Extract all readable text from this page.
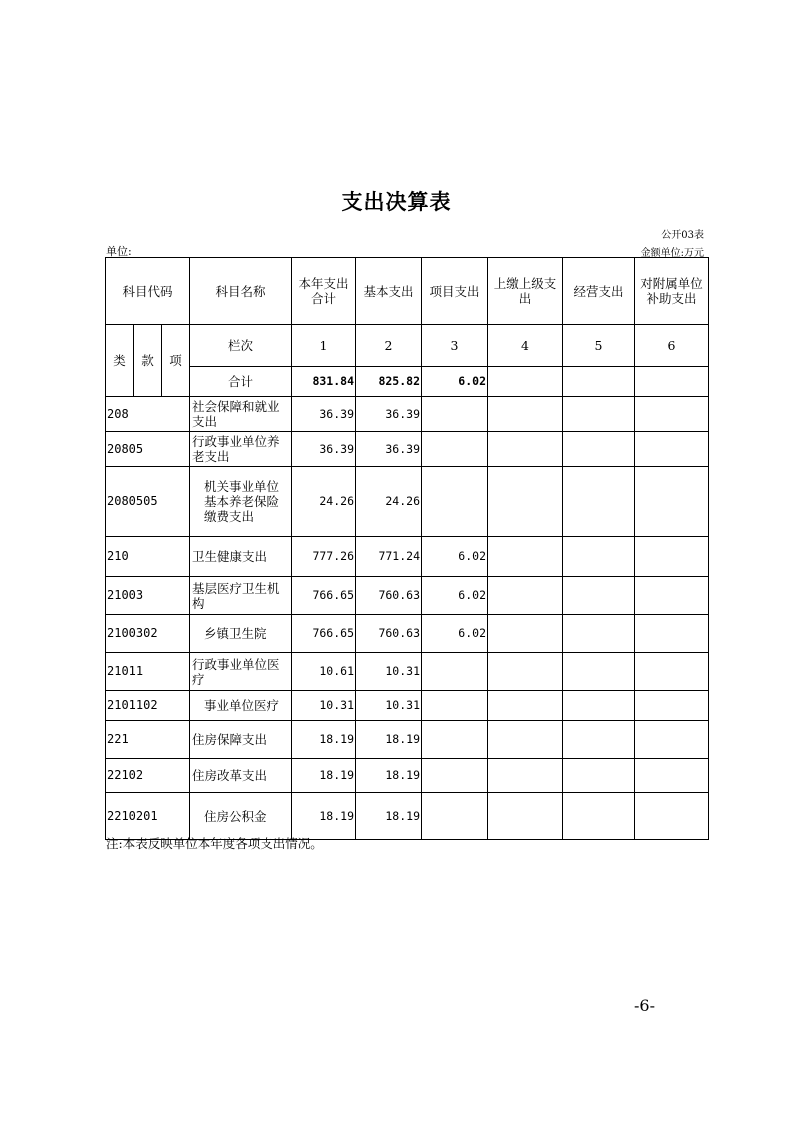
支出决算表
公开03表
单位:	金额单位:万元
科目代码			科目名称	本年支出合计	基本支出	项目支出	上缴上级支出	经营支出	对附属单位补助支出
类	款	项	栏次	1	2	3	4	5	6
			合计	831.84	825.82	6.02			
208			社会保障和就业支出	36.39	36.39				
20805			行政事业单位养老支出	36.39	36.39				
2080505			机关事业单位基本养老保险缴费支出	24.26	24.26				
210			卫生健康支出	777.26	771.24	6.02			
21003			基层医疗卫生机构	766.65	760.63	6.02			
2100302			乡镇卫生院	766.65	760.63	6.02			
21011			行政事业单位医疗	10.61	10.31				
2101102			事业单位医疗	10.31	10.31				
221			住房保障支出	18.19	18.19				
22102			住房改革支出	18.19	18.19				
2210201			住房公积金	18.19	18.19				
注:本表反映单位本年度各项支出情况。
-6-
